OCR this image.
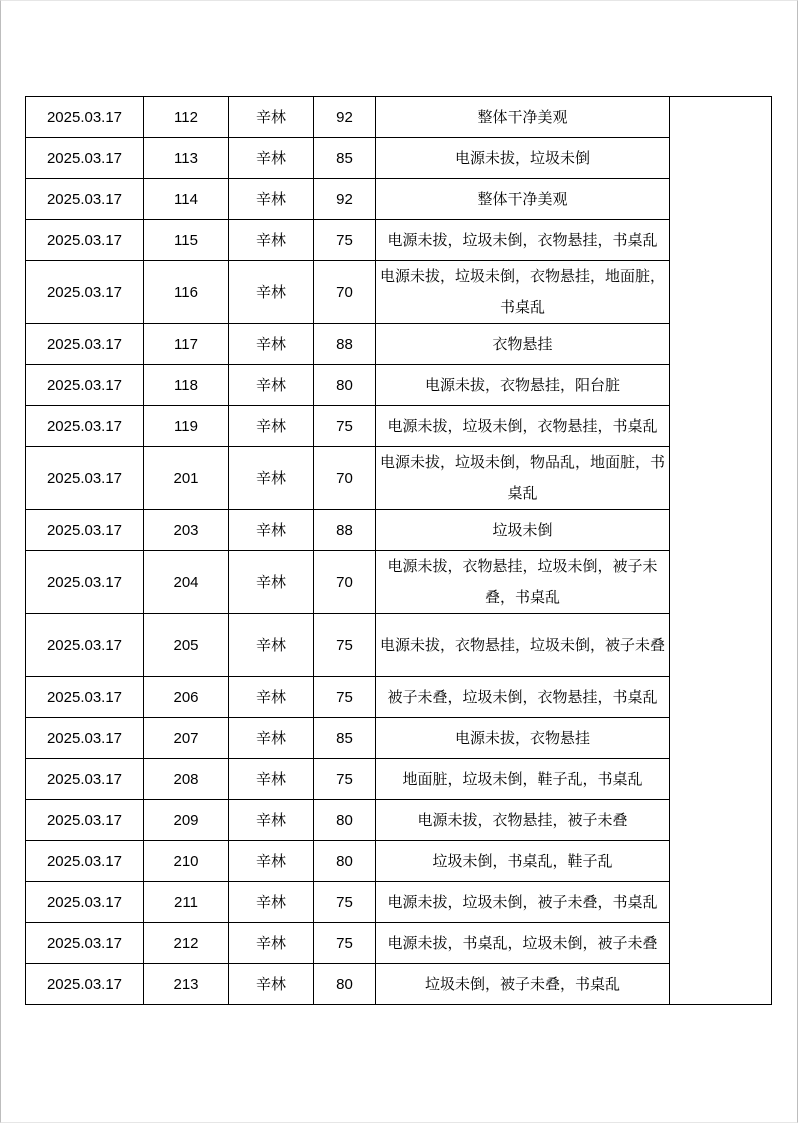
2025.03.17	112	辛林	92	整体干净美观	
2025.03.17	113	辛林	85	电源未拔，垃圾未倒	
2025.03.17	114	辛林	92	整体干净美观	
2025.03.17	115	辛林	75	电源未拔，垃圾未倒，衣物悬挂，书桌乱	
2025.03.17	116	辛林	70	电源未拔，垃圾未倒，衣物悬挂，地面脏，书桌乱	
2025.03.17	117	辛林	88	衣物悬挂	
2025.03.17	118	辛林	80	电源未拔，衣物悬挂，阳台脏	
2025.03.17	119	辛林	75	电源未拔，垃圾未倒，衣物悬挂，书桌乱	
2025.03.17	201	辛林	70	电源未拔，垃圾未倒，物品乱，地面脏，书桌乱	
2025.03.17	203	辛林	88	垃圾未倒	
2025.03.17	204	辛林	70	电源未拔，衣物悬挂，垃圾未倒，被子未叠，书桌乱	
2025.03.17	205	辛林	75	电源未拔，衣物悬挂，垃圾未倒，被子未叠	
2025.03.17	206	辛林	75	被子未叠，垃圾未倒，衣物悬挂，书桌乱	
2025.03.17	207	辛林	85	电源未拔，衣物悬挂	
2025.03.17	208	辛林	75	地面脏，垃圾未倒，鞋子乱，书桌乱	
2025.03.17	209	辛林	80	电源未拔，衣物悬挂，被子未叠	
2025.03.17	210	辛林	80	垃圾未倒，书桌乱，鞋子乱	
2025.03.17	211	辛林	75	电源未拔，垃圾未倒，被子未叠，书桌乱	
2025.03.17	212	辛林	75	电源未拔，书桌乱，垃圾未倒，被子未叠	
2025.03.17	213	辛林	80	垃圾未倒，被子未叠，书桌乱	
